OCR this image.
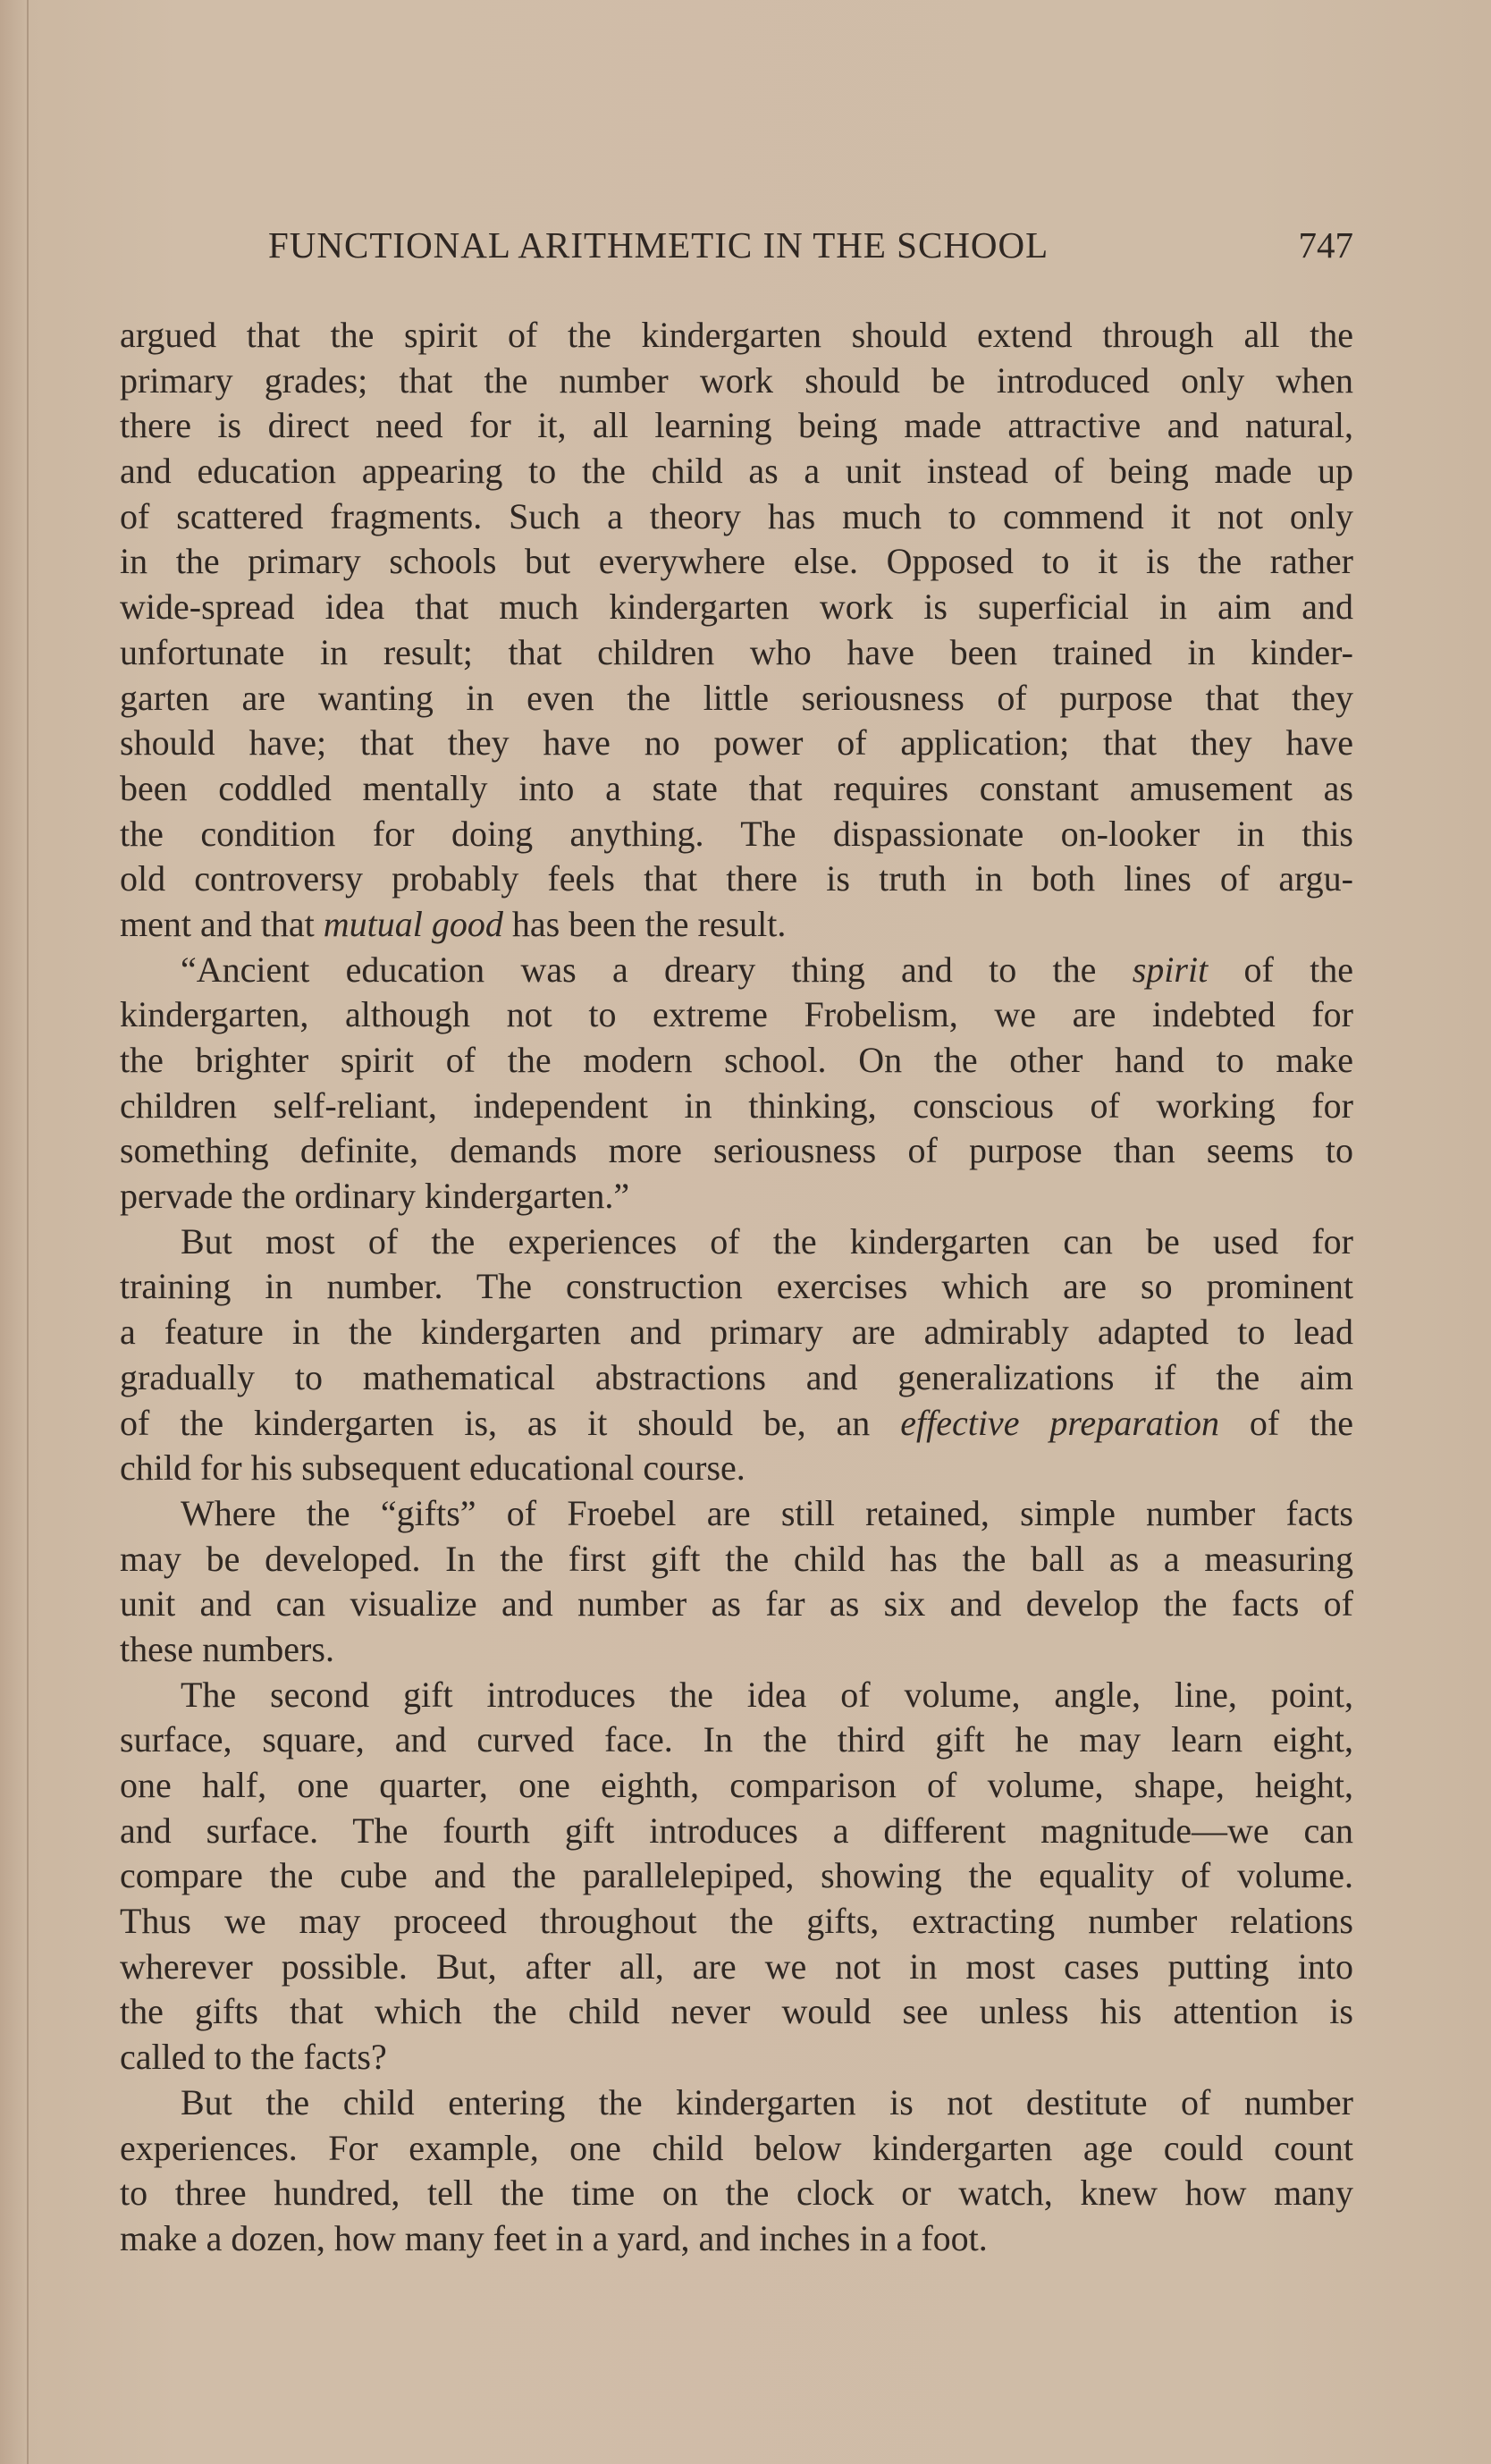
FUNCTIONAL ARITHMETIC IN THE SCHOOL	747
argued that the spirit of the kindergarten should extend through all the
primary grades; that the number work should be introduced only when
there is direct need for it, all learning being made attractive and natural,
and education appearing to the child as a unit instead of being made up
of scattered fragments. Such a theory has much to commend it not only
in the primary schools but everywhere else. Opposed to it is the rather
wide-spread idea that much kindergarten work is superficial in aim and
unfortunate in result; that children who have been trained in kinder-
garten are wanting in even the little seriousness of purpose that they
should have; that they have no power of application; that they have
been coddled mentally into a state that requires constant amusement as
the condition for doing anything. The dispassionate on-looker in this
old controversy probably feels that there is truth in both lines of argu-
ment and that mutual good has been the result.
“Ancient education was a dreary thing and to the spirit of the
kindergarten, although not to extreme Frobelism, we are indebted for
the brighter spirit of the modern school. On the other hand to make
children self-reliant, independent in thinking, conscious of working for
something definite, demands more seriousness of purpose than seems to
pervade the ordinary kindergarten.”
But most of the experiences of the kindergarten can be used for
training in number. The construction exercises which are so prominent
a feature in the kindergarten and primary are admirably adapted to lead
gradually to mathematical abstractions and generalizations if the aim
of the kindergarten is, as it should be, an effective preparation of the
child for his subsequent educational course.
Where the “gifts” of Froebel are still retained, simple number facts
may be developed. In the first gift the child has the ball as a measuring
unit and can visualize and number as far as six and develop the facts of
these numbers.
The second gift introduces the idea of volume, angle, line, point,
surface, square, and curved face. In the third gift he may learn eight,
one half, one quarter, one eighth, comparison of volume, shape, height,
and surface. The fourth gift introduces a different magnitude—we can
compare the cube and the parallelepiped, showing the equality of volume.
Thus we may proceed throughout the gifts, extracting number relations
wherever possible. But, after all, are we not in most cases putting into
the gifts that which the child never would see unless his attention is
called to the facts?
But the child entering the kindergarten is not destitute of number
experiences. For example, one child below kindergarten age could count
to three hundred, tell the time on the clock or watch, knew how many
make a dozen, how many feet in a yard, and inches in a foot.
